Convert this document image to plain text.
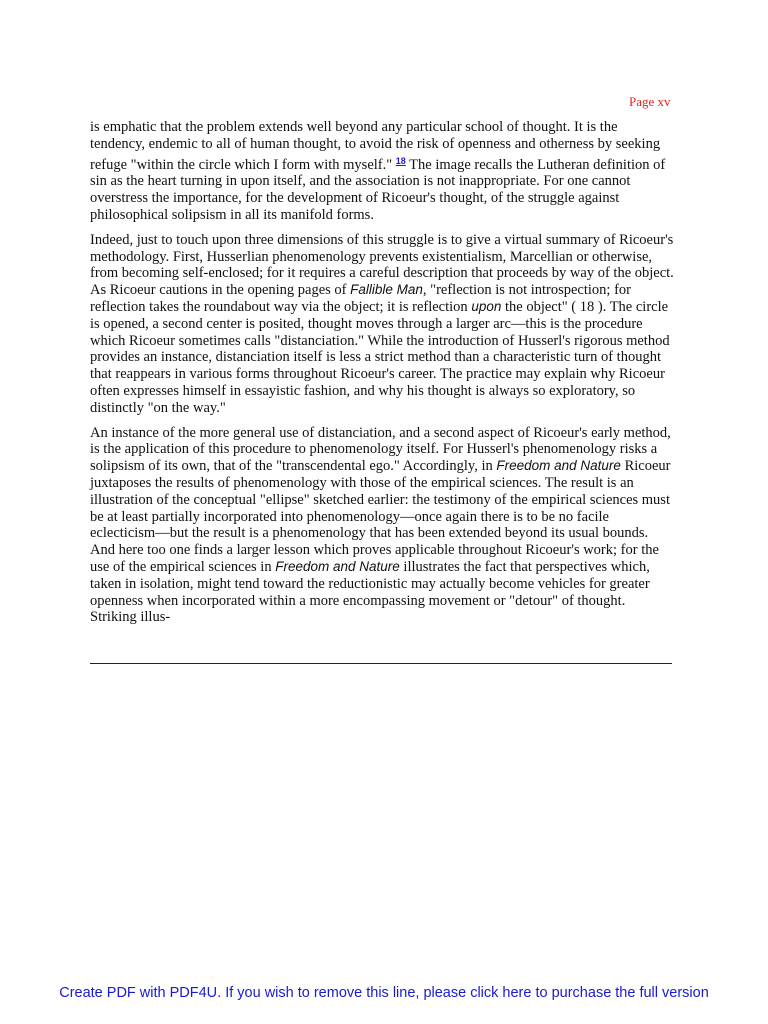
Page xv

is emphatic that the problem extends well beyond any particular school of thought. It is the tendency, endemic to all of human thought, to avoid the risk of openness and otherness by seeking refuge "within the circle which I form with myself." $^{18}$ The image recalls the Lutheran definition of sin as the heart turning in upon itself, and the association is not inappropriate. For one cannot overstress the importance, for the development of Ricoeur's thought, of the struggle against philosophical solipsism in all its manifold forms.

Indeed, just to touch upon three dimensions of this struggle is to give a virtual summary of Ricoeur's methodology. First, Husserlian phenomenology prevents existentialism, Marcellian or otherwise, from becoming self-enclosed; for it requires a careful description that proceeds by way of the object. As Ricoeur cautions in the opening pages of Fallible Man, "reflection is not introspection; for reflection takes the roundabout way via the object; it is reflection upon the object" ( 18 ). The circle is opened, a second center is posited, thought moves through a larger arc—this is the procedure which Ricoeur sometimes calls "distanciation." While the introduction of Husserl's rigorous method provides an instance, distanciation itself is less a strict method than a characteristic turn of thought that reappears in various forms throughout Ricoeur's career. The practice may explain why Ricoeur often expresses himself in essayistic fashion, and why his thought is always so exploratory, so distinctly "on the way."

An instance of the more general use of distanciation, and a second aspect of Ricoeur's early method, is the application of this procedure to phenomenology itself. For Husserl's phenomenology risks a solipsism of its own, that of the "transcendental ego." Accordingly, in Freedom and Nature Ricoeur juxtaposes the results of phenomenology with those of the empirical sciences. The result is an illustration of the conceptual "ellipse" sketched earlier: the testimony of the empirical sciences must be at least partially incorporated into phenomenology—once again there is to be no facile eclecticism—but the result is a phenomenology that has been extended beyond its usual bounds. And here too one finds a larger lesson which proves applicable throughout Ricoeur's work; for the use of the empirical sciences in Freedom and Nature illustrates the fact that perspectives which, taken in isolation, might tend toward the reductionistic may actually become vehicles for greater openness when incorporated within a more encompassing movement or "detour" of thought. Striking illus-

Create PDF with PDF4U. If you wish to remove this line, please click here to purchase the full version
